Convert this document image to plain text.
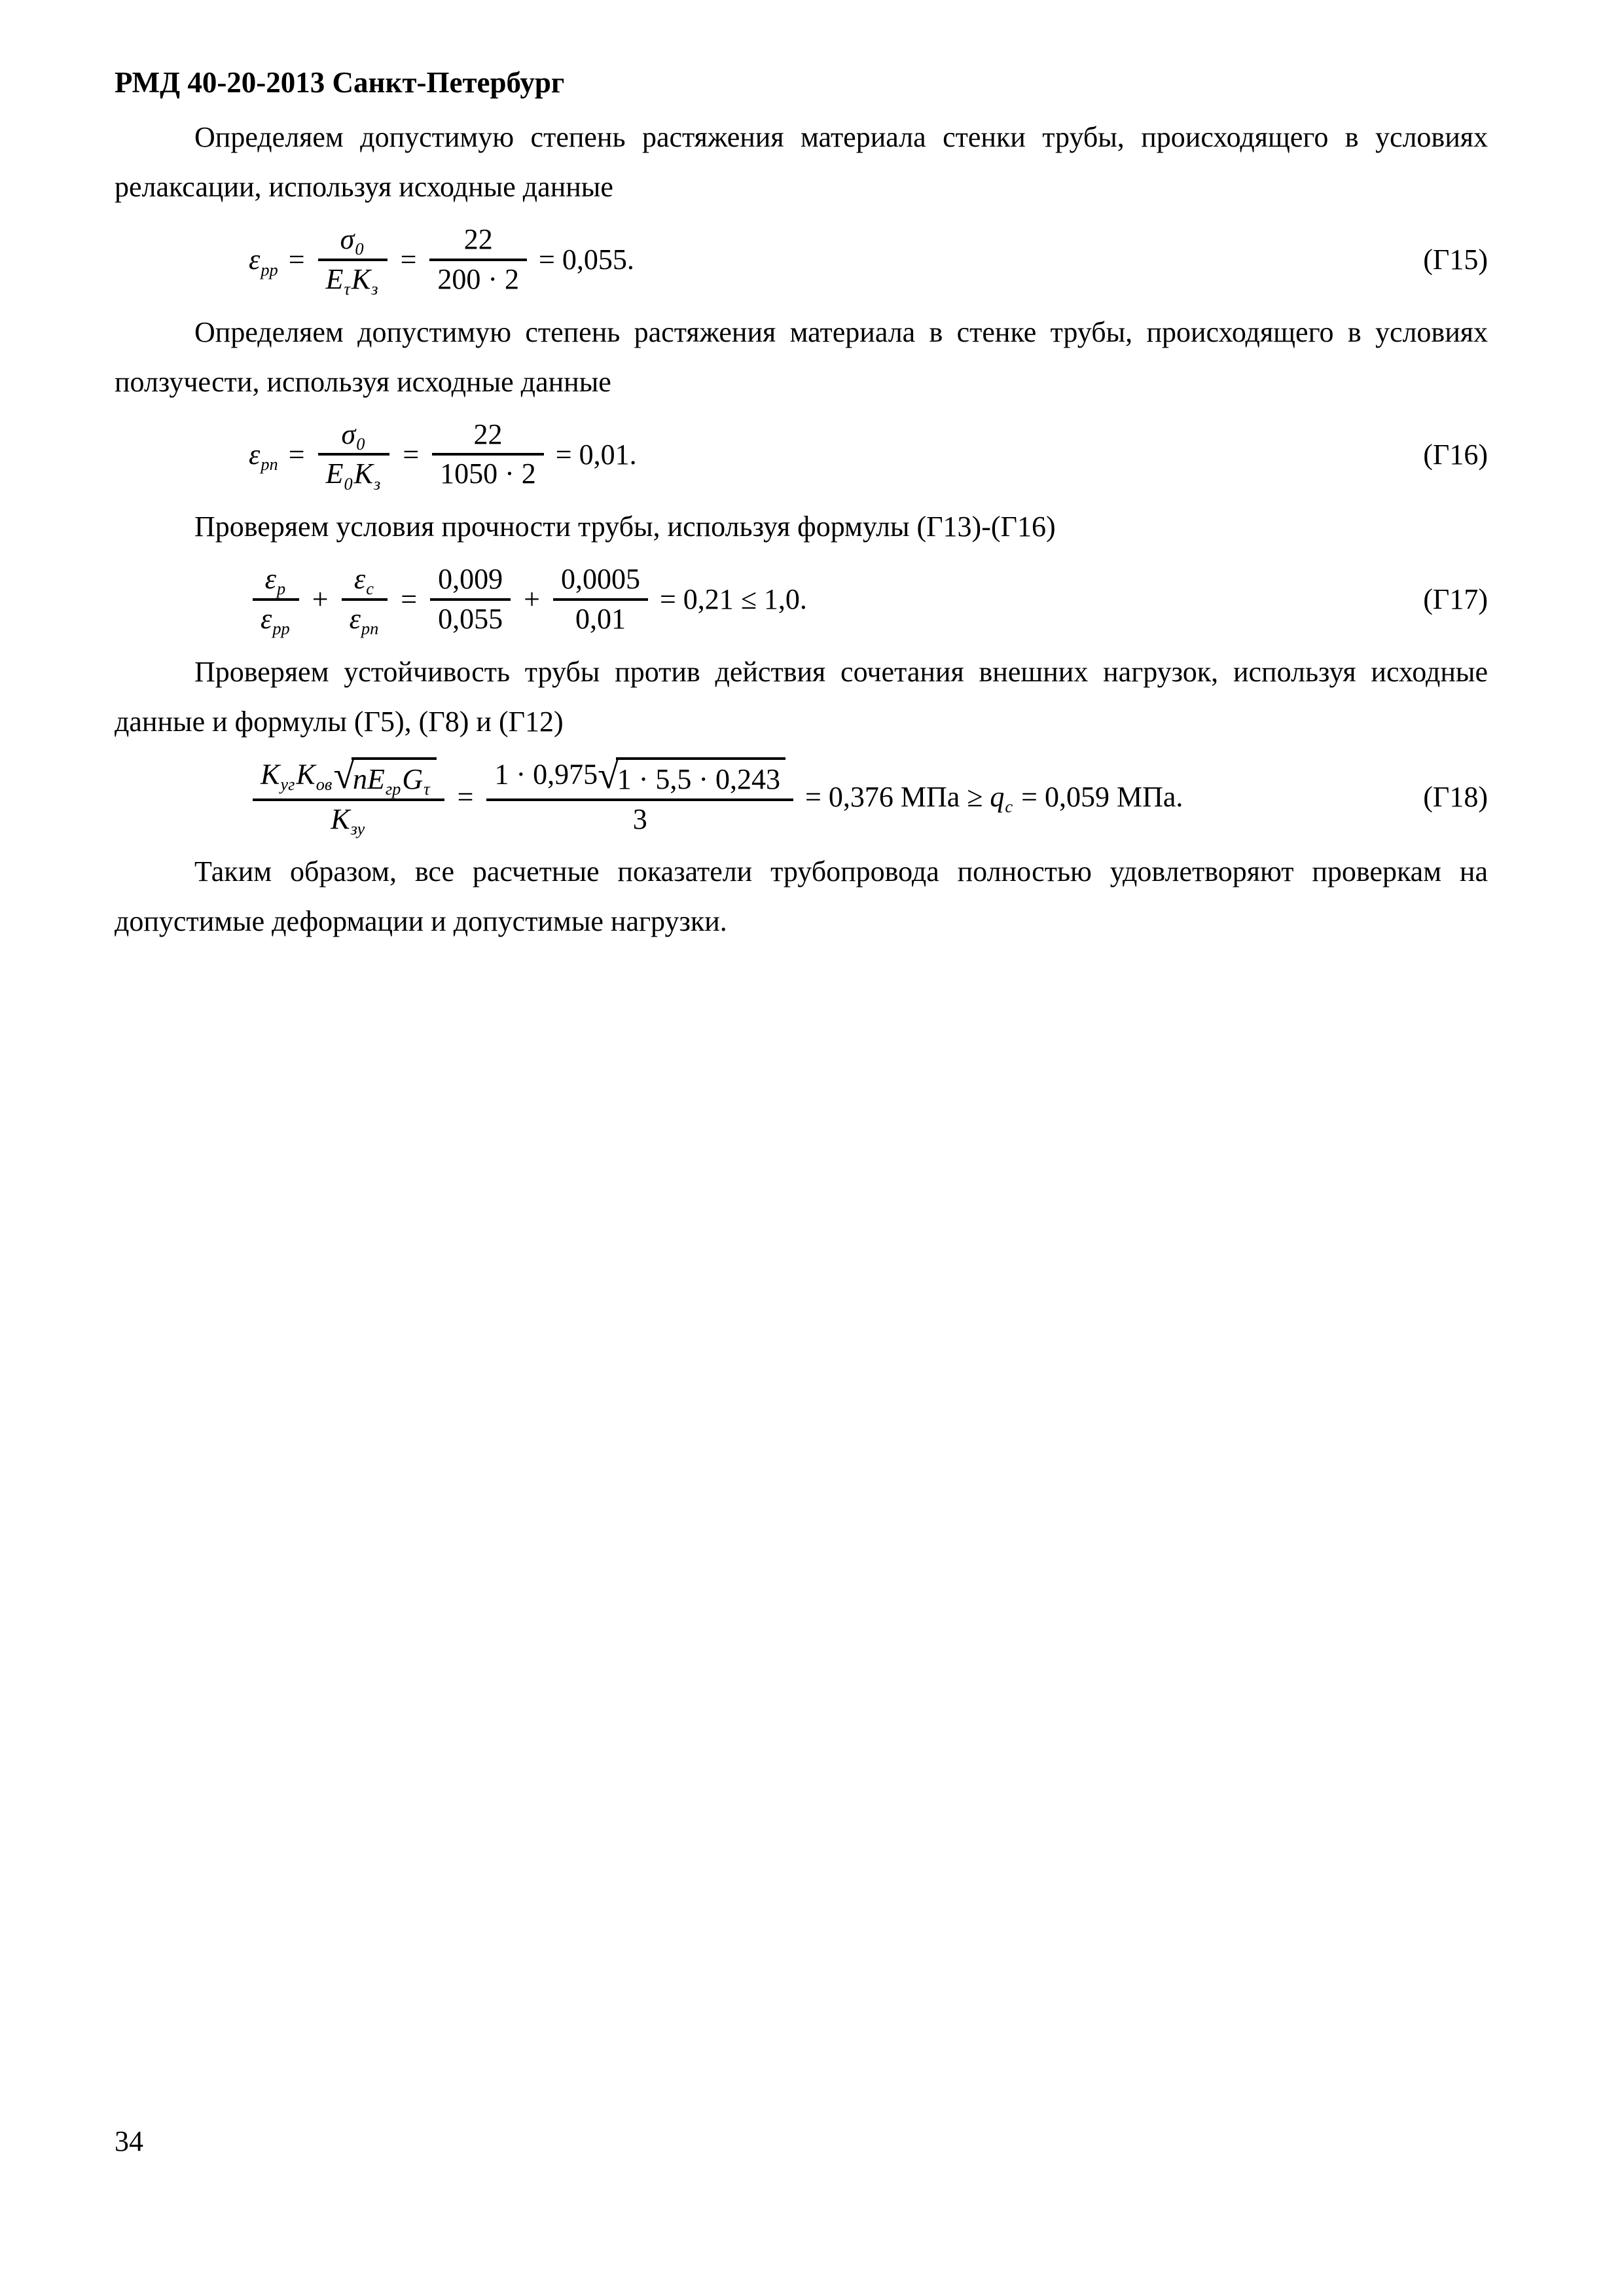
РМД 40-20-2013 Санкт-Петербург

Определяем допустимую степень растяжения материала стенки трубы, происходящего в условиях релаксации, используя исходные данные

$\varepsilon_{рр} = \frac{\sigma_0}{E_\tau K_з} = \frac{22}{200 \cdot 2} = 0,055$.	(Г15)

Определяем допустимую степень растяжения материала в стенке трубы, происходящего в условиях ползучести, используя исходные данные

$\varepsilon_{рп} = \frac{\sigma_0}{E_0K_з} = \frac{22}{1050 \cdot 2} = 0,01$.	(Г16)

Проверяем условия прочности трубы, используя формулы (Г13)-(Г16)

$\frac{\varepsilon_р}{\varepsilon_{рр}} + \frac{\varepsilon_с}{\varepsilon_{рп}} = \frac{0,009}{0,055} + \frac{0,0005}{0,01} = 0,21 \le 1,0$.	(Г17)

Проверяем устойчивость трубы против действия сочетания внешних нагрузок, используя исходные данные и формулы (Г5), (Г8) и (Г12)

$K_{уг}K_{ов}$ √
$nE_{гр}G_\tau$
$K_{зу} = 1 \cdot 0,975$ √
1 · 5,5 · 0,243
3 = 0,376 МПа ≥ $q_с = 0,059$ МПа.	(Г18)

Таким образом, все расчетные показатели трубопровода полностью удовлетворяют проверкам на допустимые деформации и допустимые нагрузки.

34
